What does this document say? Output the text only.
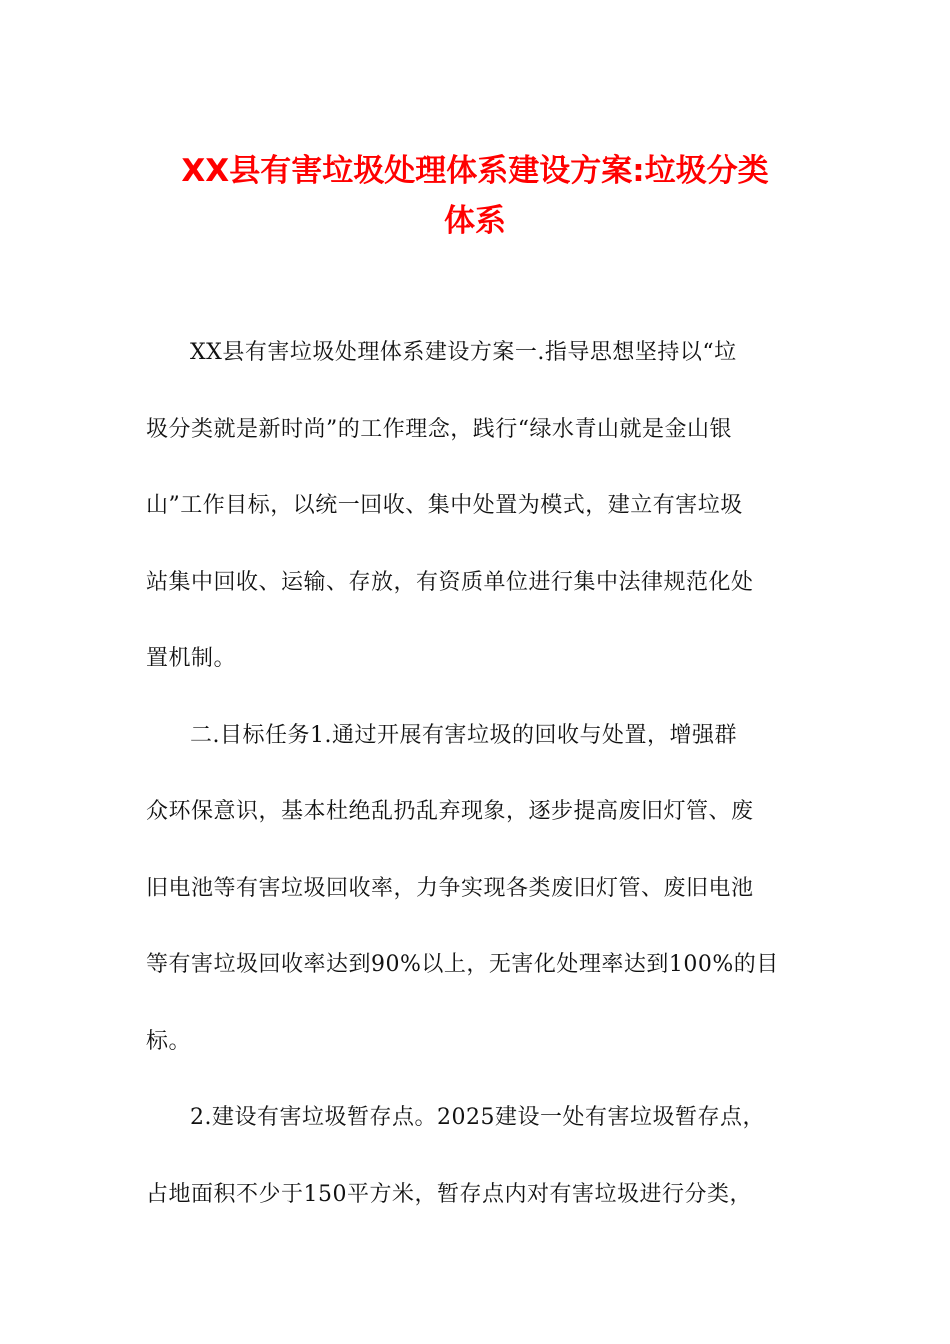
XX县有害垃圾处理体系建设方案:垃圾分类
体系
XX县有害垃圾处理体系建设方案一.指导思想坚持以“垃
圾分类就是新时尚”的工作理念，践行“绿水青山就是金山银
山”工作目标，以统一回收、集中处置为模式，建立有害垃圾
站集中回收、运输、存放，有资质单位进行集中法律规范化处
置机制。
二.目标任务1.通过开展有害垃圾的回收与处置，增强群
众环保意识，基本杜绝乱扔乱弃现象，逐步提高废旧灯管、废
旧电池等有害垃圾回收率，力争实现各类废旧灯管、废旧电池
等有害垃圾回收率达到90%以上，无害化处理率达到100%的目
标。
2.建设有害垃圾暂存点。2025建设一处有害垃圾暂存点，
占地面积不少于150平方米，暂存点内对有害垃圾进行分类，
